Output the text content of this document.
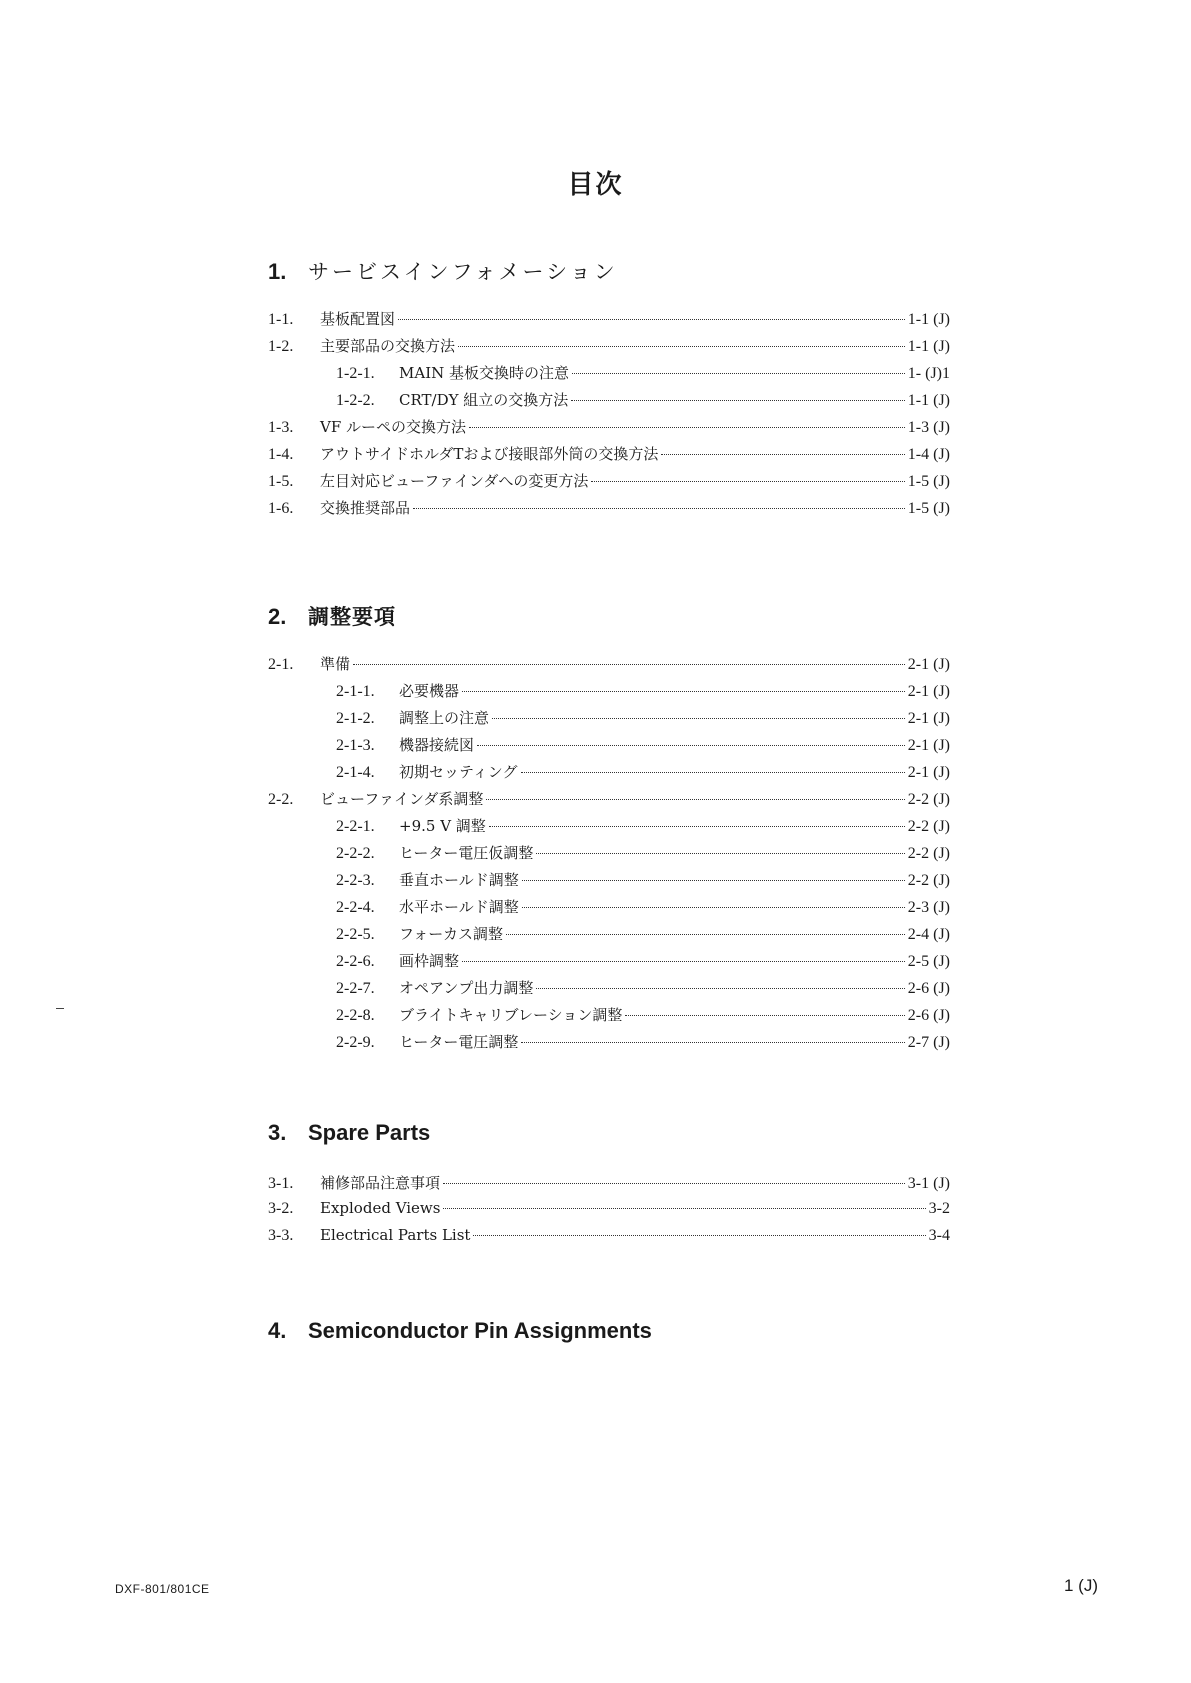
目次
1.	サービスインフォメーション
1-1.	基板配置図	1-1 (J)
1-2.	主要部品の交換方法	1-1 (J)
1-2-1.	MAIN 基板交換時の注意	1- (J)1
1-2-2.	CRT/DY 組立の交換方法	1-1 (J)
1-3.	VF ルーペの交換方法	1-3 (J)
1-4.	アウトサイドホルダTおよび接眼部外筒の交換方法	1-4 (J)
1-5.	左目対応ビューファインダへの変更方法	1-5 (J)
1-6.	交換推奨部品	1-5 (J)
2.	調整要項
2-1.	準備	2-1 (J)
2-1-1.	必要機器	2-1 (J)
2-1-2.	調整上の注意	2-1 (J)
2-1-3.	機器接続図	2-1 (J)
2-1-4.	初期セッティング	2-1 (J)
2-2.	ビューファインダ系調整	2-2 (J)
2-2-1.	+9.5 V 調整	2-2 (J)
2-2-2.	ヒーター電圧仮調整	2-2 (J)
2-2-3.	垂直ホールド調整	2-2 (J)
2-2-4.	水平ホールド調整	2-3 (J)
2-2-5.	フォーカス調整	2-4 (J)
2-2-6.	画枠調整	2-5 (J)
2-2-7.	オペアンプ出力調整	2-6 (J)
2-2-8.	ブライトキャリブレーション調整	2-6 (J)
2-2-9.	ヒーター電圧調整	2-7 (J)
3. Spare Parts
3-1.	補修部品注意事項	3-1 (J)
3-2.	Exploded Views	3-2
3-3.	Electrical Parts List	3-4
4. Semiconductor Pin Assignments
DXF-801/801CE	1 (J)
